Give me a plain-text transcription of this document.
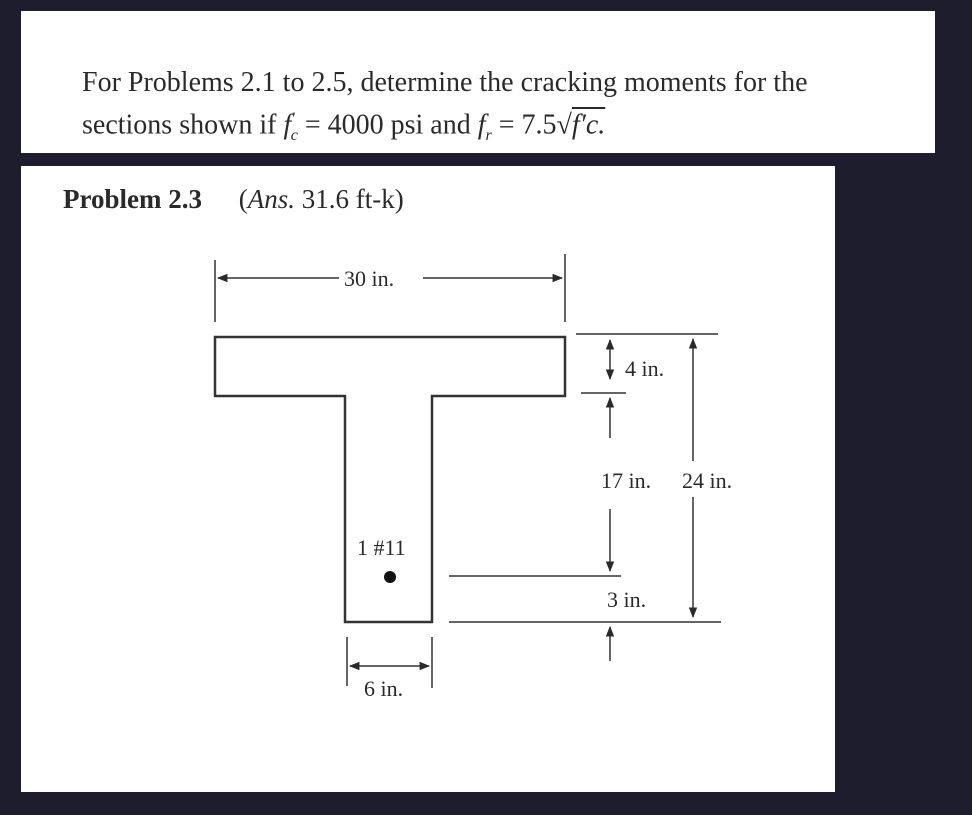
For Problems 2.1 to 2.5, determine the cracking moments for the
sections shown if $f'_c = 4000$ psi and $f_r = 7.5√f'c$.
Problem 2.3 (Ans. 31.6 ft-k)
1 #11
30 in.
4 in.
17 in. 24 in.
3 in.
6 in.
